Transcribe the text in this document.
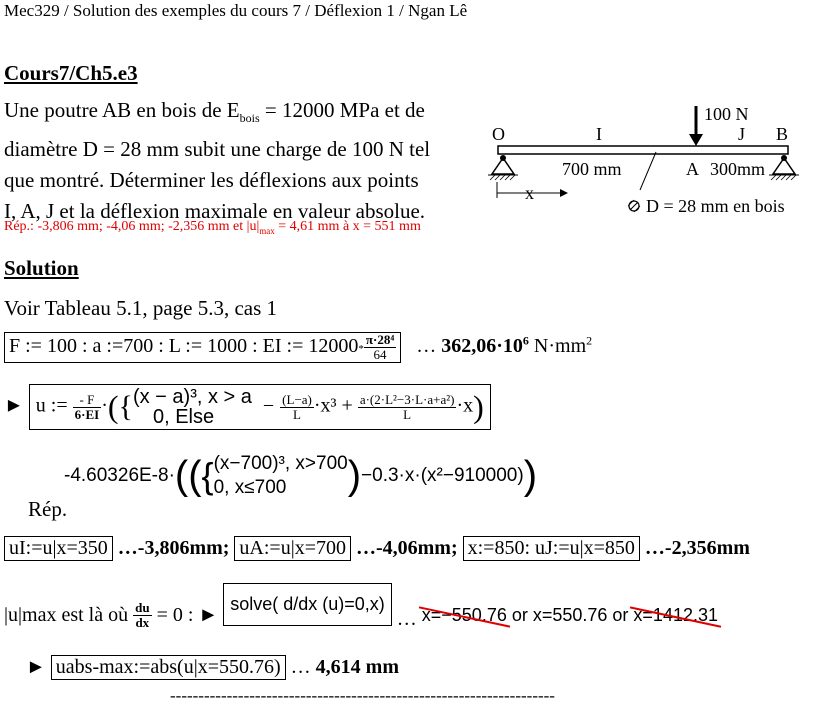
Mec329 / Solution des exemples du cours 7 / Déflexion 1 / Ngan Lê
Cours7/Ch5.e3
Une poutre AB en bois de $E_{bois} = 12000$ MPa et de
diamètre D = 28 mm subit une charge de 100 N tel
que montré. Déterminer les déflexions aux points
I, A, J et la déflexion maximale en valeur absolue.
Rép.: -3,806 mm; -4,06 mm; -2,356 mm et $|u|_{max} = 4,61$ mm à x = 551 mm
100 N
O	I	J B
700 mm	A 300mm
x
D = 28 mm en bois
Solution
Voir Tableau 5.1, page 5.3, cas 1
F := 100 : a :=700 : L := 1000 : EI := $12000* \frac{\text{π·28⁴}}{64}$ … $362,06\cdot 10^6$ $N\cdot mm^2$
► u := $\frac{- F}{6\cdot EI}$ ·({ (x − a)³, x > a
0, Else
− $\frac{(L-a)}{L} \cdot x^3 + \frac{\text{a·(2·L²−3·L·a+a²)}}{L} \cdot x$)
-4.60326E-8·(({ (x−700)³, x>700
0, x≤700	)−0.3·x·(x²−910000))
Rép.
uI:=u|x=350 …-3,806mm; uA:=u|x=700 …-4,06mm; x:=850: uJ:=u|x=850 …-2,356mm
|u|max est là où $\frac{du}{dx} = 0$ : ► solve( d/dx (u)=0,x) … x=−550.76 or x=550.76 or x=1412.31
► uabs-max:=abs(u|x=550.76) … 4,614 mm
--------------------------------------------------------------------
